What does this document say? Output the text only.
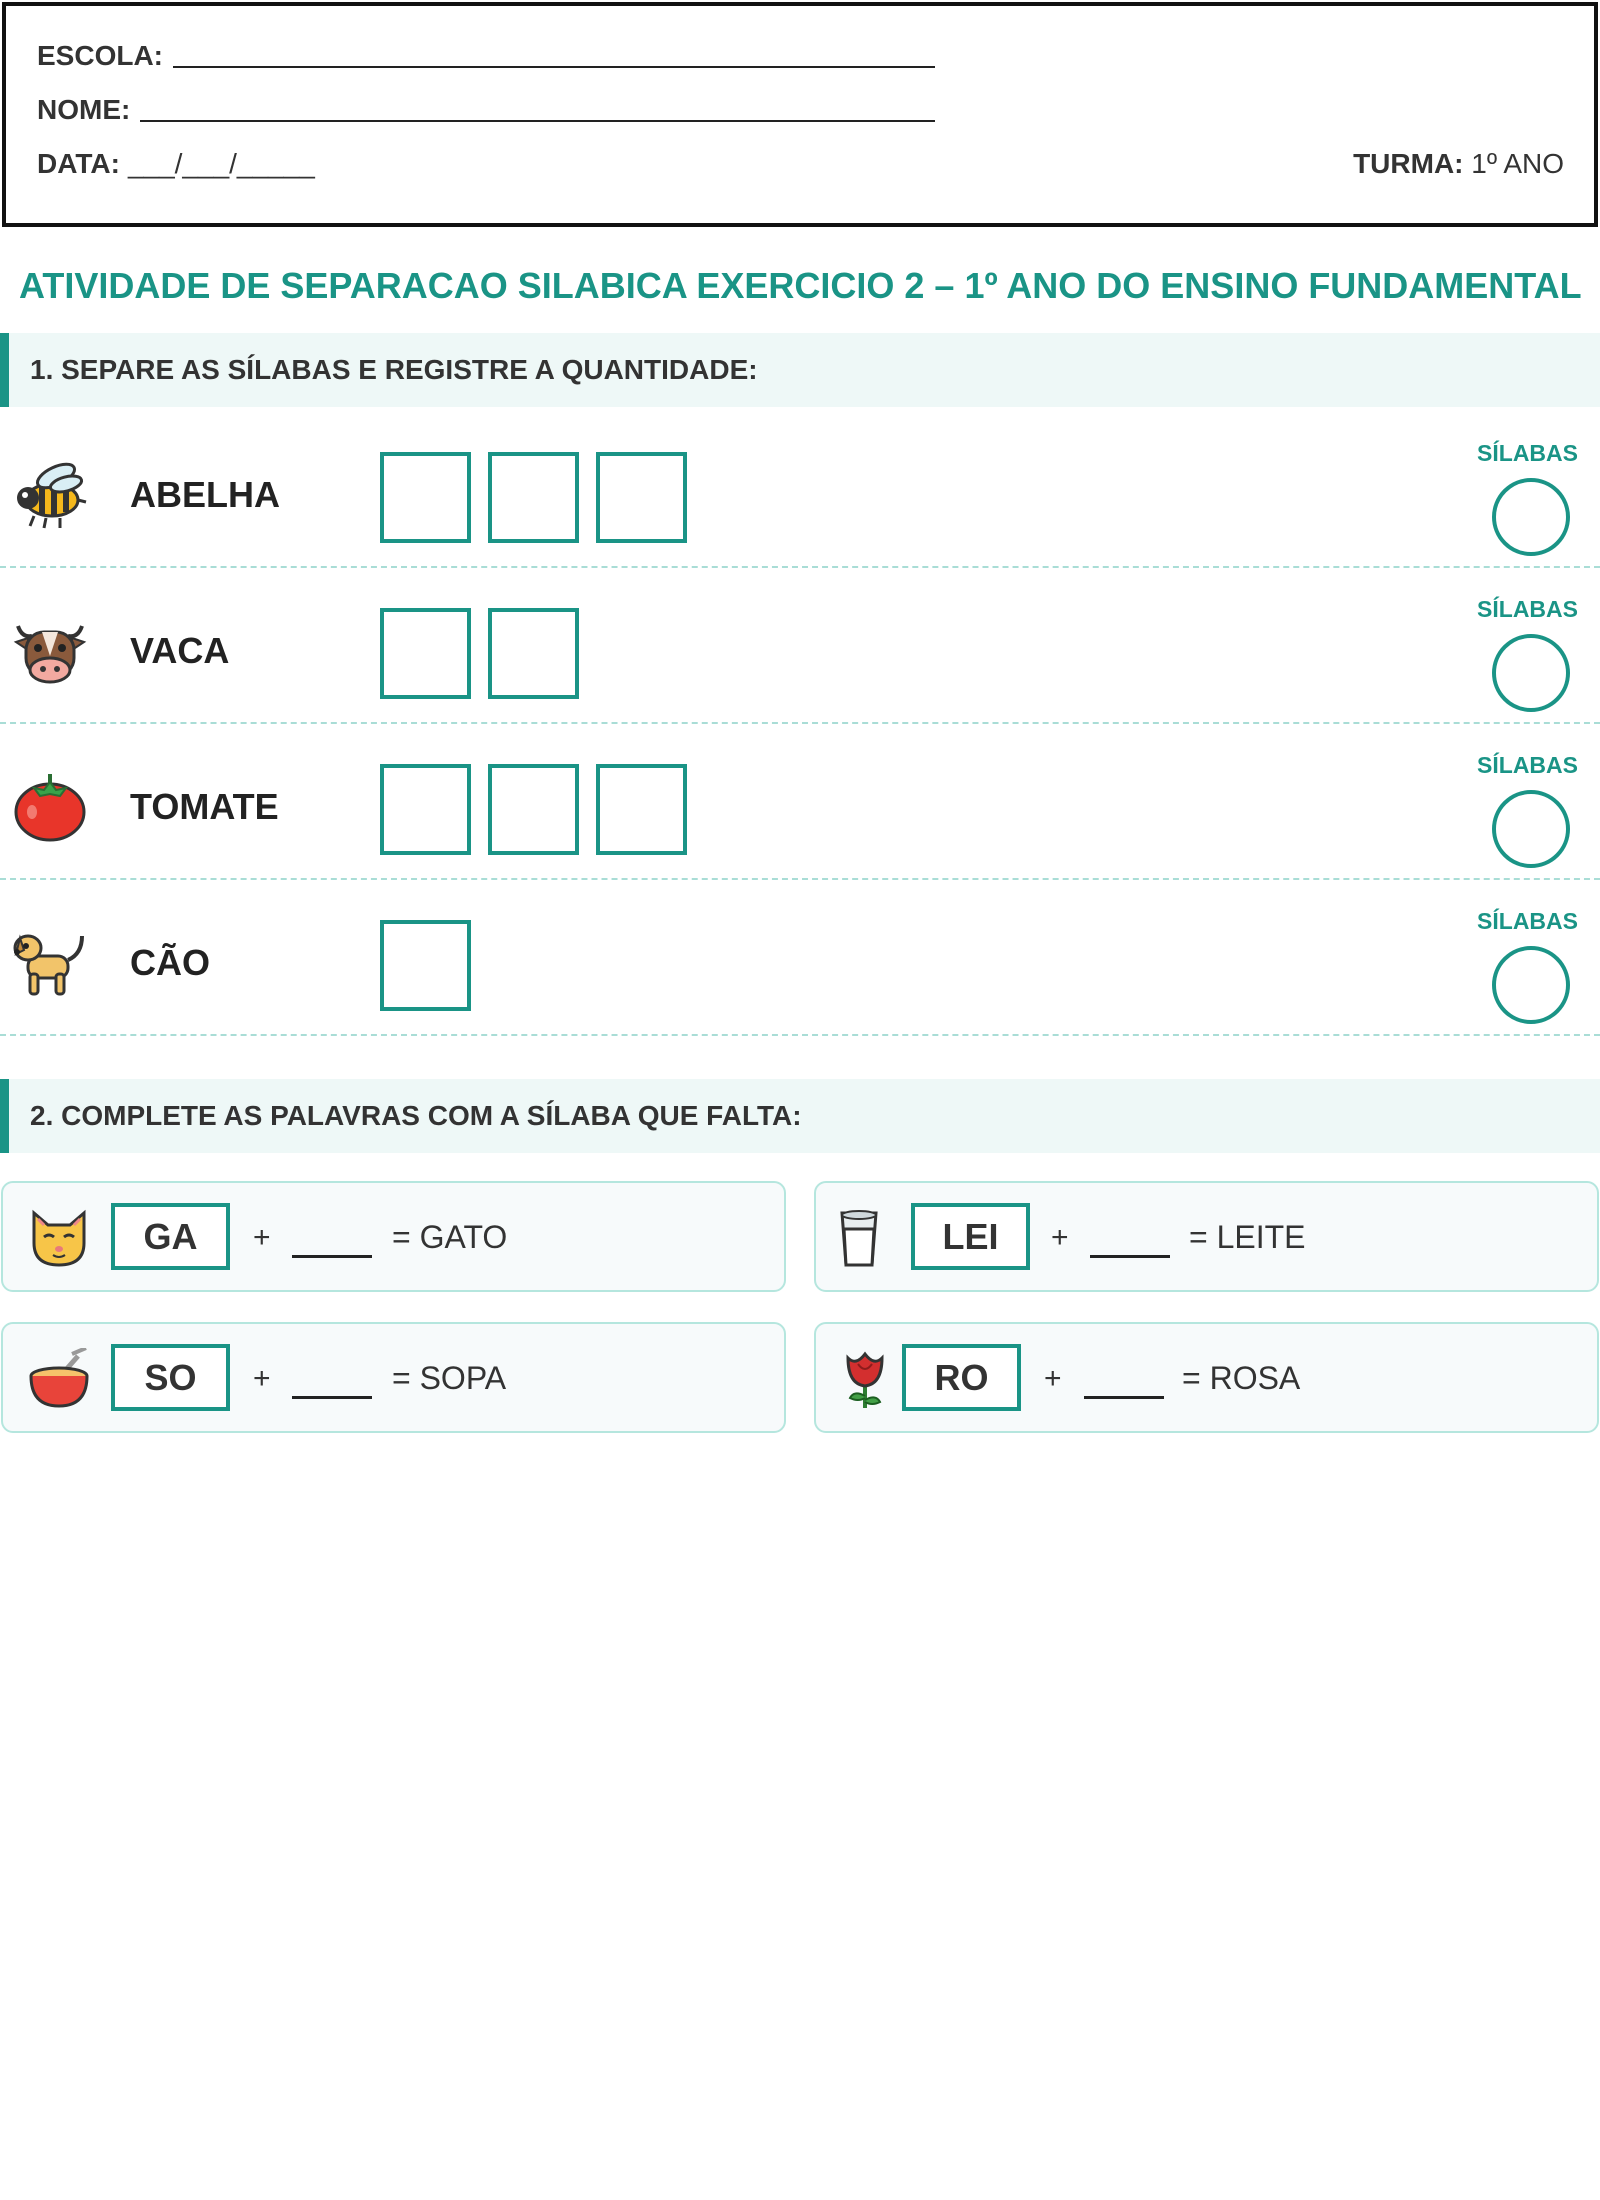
ESCOLA:
NOME:
DATA: ___/___/_____	TURMA: 1º ANO
ATIVIDADE DE SEPARACAO SILABICA EXERCICIO 2 – 1º ANO DO ENSINO FUNDAMENTAL
1. SEPARE AS SÍLABAS E REGISTRE A QUANTIDADE:
ABELHA
SÍLABAS
VACA
SÍLABAS
TOMATE
SÍLABAS
CÃO
SÍLABAS
2. COMPLETE AS PALAVRAS COM A SÍLABA QUE FALTA:
GA	+	= GATO	LEI	+	= LEITE
SO	+	= SOPA	RO	+	= ROSA
